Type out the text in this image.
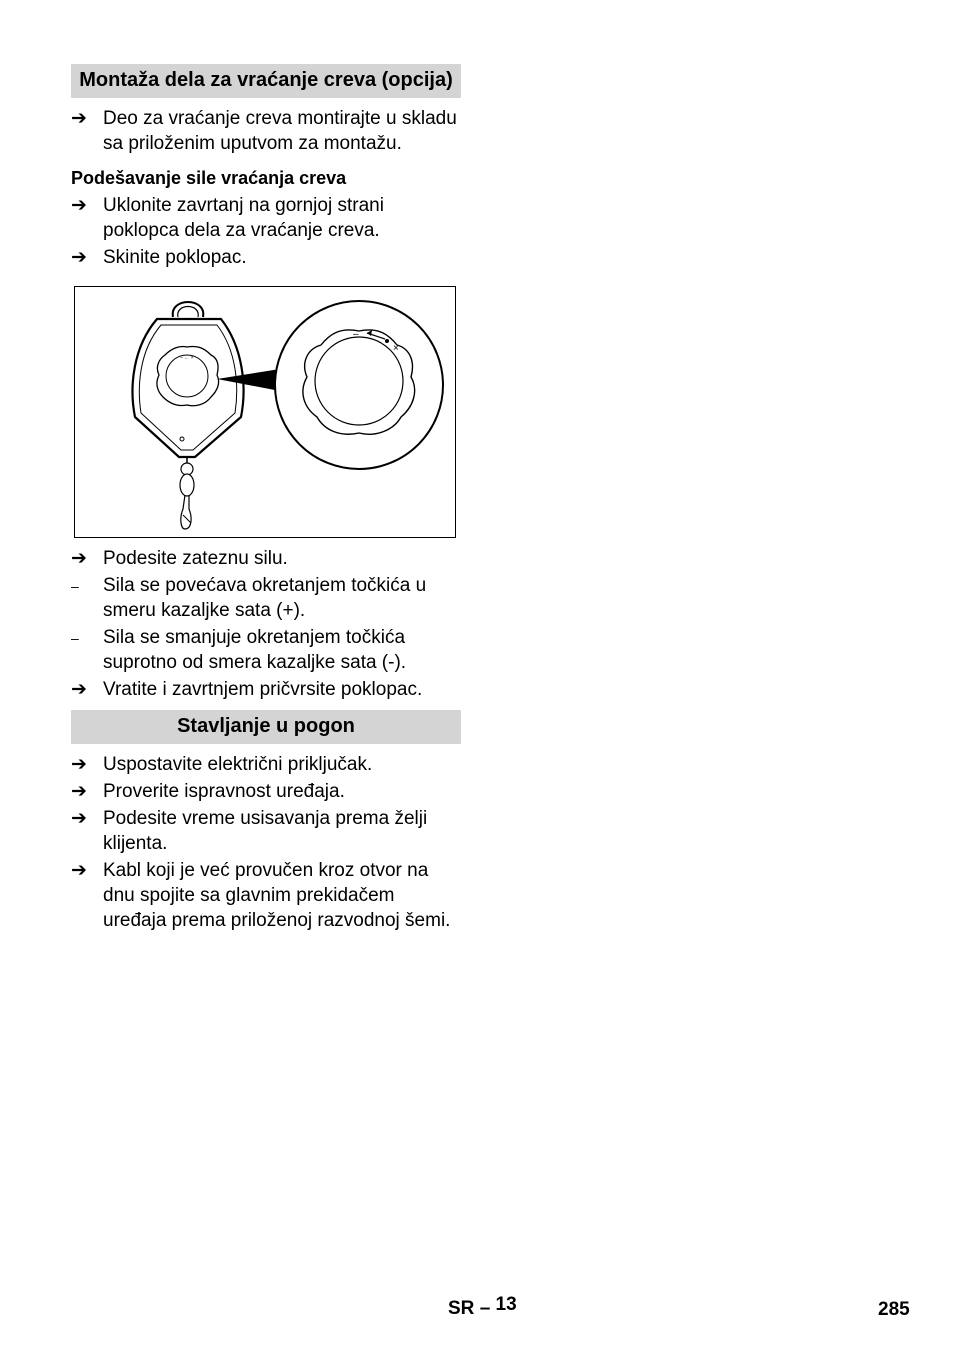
Montaža dela za vraćanje creva (opcija)
➔ Deo za vraćanje creva montirajte u skladu sa priloženim uputvom za montažu.
Podešavanje sile vraćanja creva
➔ Uklonite zavrtanj na gornjoj strani poklopca dela za vraćanje creva.
➔ Skinite poklopac.
– ← ×
–
×
➔ Podesite zateznu silu.
–	Sila se povećava okretanjem točkića u smeru kazaljke sata (+).
–	Sila se smanjuje okretanjem točkića suprotno od smera kazaljke sata (-).
➔ Vratite i zavrtnjem pričvrsite poklopac.
Stavljanje u pogon
➔ Uspostavite električni priključak.
➔ Proverite ispravnost uređaja.
➔ Podesite vreme usisavanja prema želji klijenta.
➔ Kabl koji je već provučen kroz otvor na dnu spojite sa glavnim prekidačem uređaja prema priloženoj razvodnoj šemi.
SR – 13	285
